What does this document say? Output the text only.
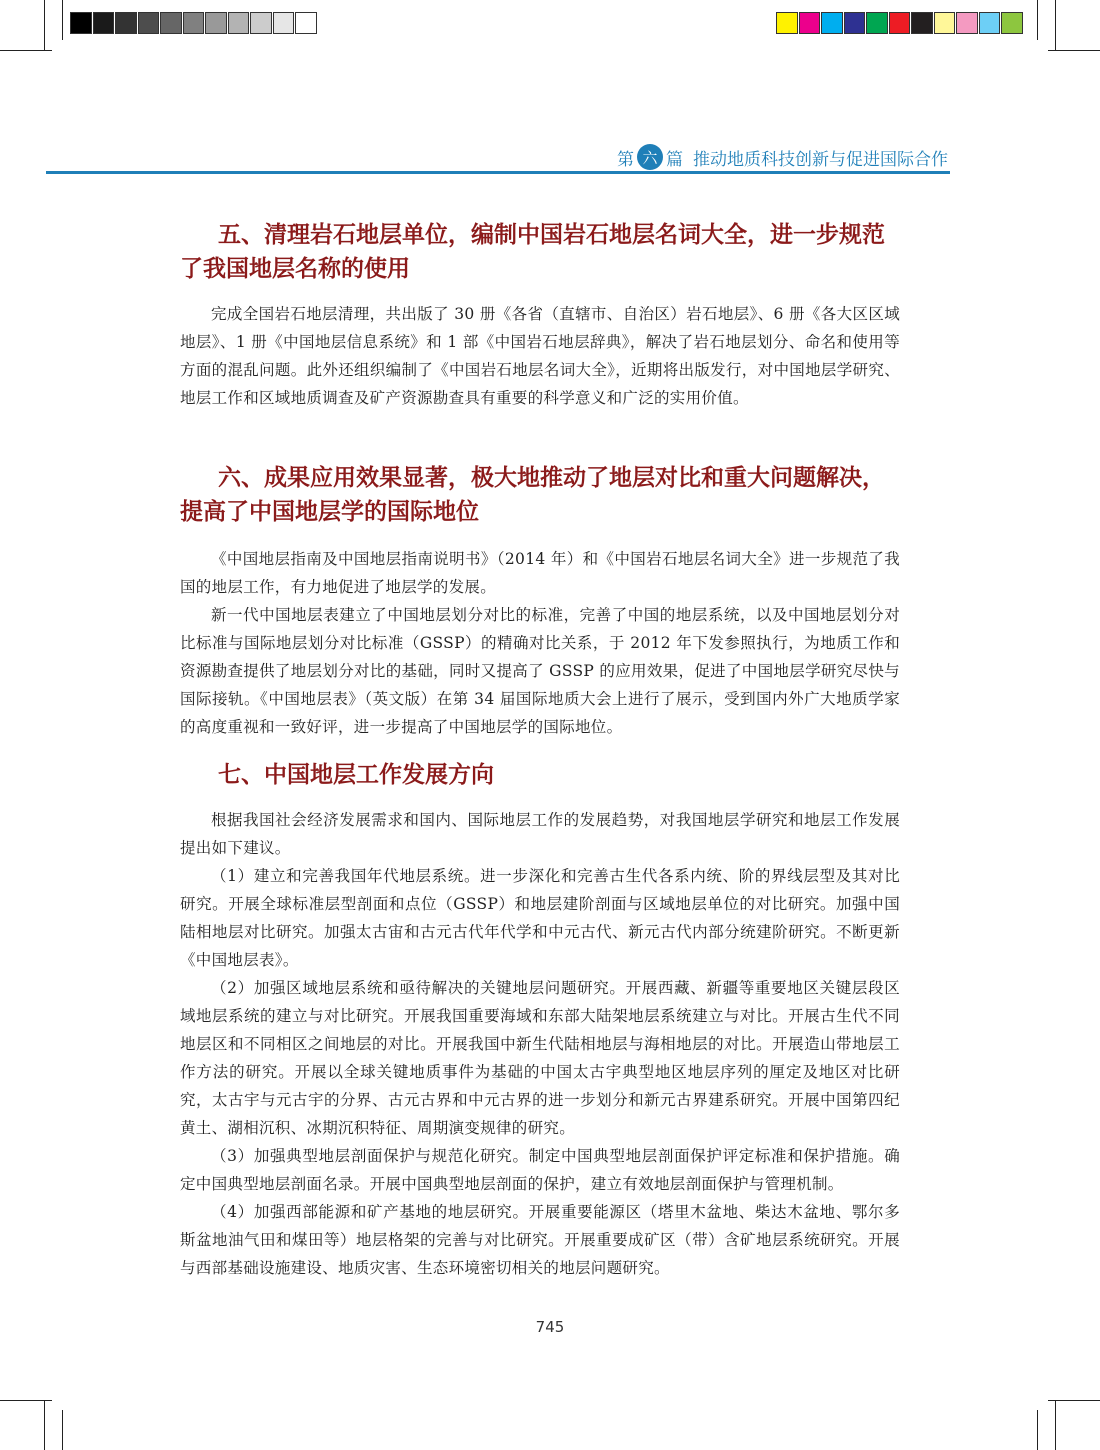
第 六 篇 推动地质科技创新与促进国际合作
五、清理岩石地层单位，编制中国岩石地层名词大全，进一步规范
了我国地层名称的使用

完成全国岩石地层清理，共出版了 30 册《各省（直辖市、自治区）岩石地层》、6 册《各大区区域地层》、1 册《中国地层信息系统》和 1 部《中国岩石地层辞典》，解决了岩石地层划分、命名和使用等方面的混乱问题。此外还组织编制了《中国岩石地层名词大全》，近期将出版发行，对中国地层学研究、地层工作和区域地质调查及矿产资源勘查具有重要的科学意义和广泛的实用价值。

六、成果应用效果显著，极大地推动了地层对比和重大问题解决，
提高了中国地层学的国际地位

《中国地层指南及中国地层指南说明书》（2014 年）和《中国岩石地层名词大全》进一步规范了我国的地层工作，有力地促进了地层学的发展。

新一代中国地层表建立了中国地层划分对比的标准，完善了中国的地层系统，以及中国地层划分对比标准与国际地层划分对比标准（GSSP）的精确对比关系，于 2012 年下发参照执行，为地质工作和资源勘查提供了地层划分对比的基础，同时又提高了 GSSP 的应用效果，促进了中国地层学研究尽快与国际接轨。《中国地层表》（英文版）在第 34 届国际地质大会上进行了展示，受到国内外广大地质学家的高度重视和一致好评，进一步提高了中国地层学的国际地位。

七、中国地层工作发展方向

根据我国社会经济发展需求和国内、国际地层工作的发展趋势，对我国地层学研究和地层工作发展提出如下建议。

（1）建立和完善我国年代地层系统。进一步深化和完善古生代各系内统、阶的界线层型及其对比研究。开展全球标准层型剖面和点位（GSSP）和地层建阶剖面与区域地层单位的对比研究。加强中国陆相地层对比研究。加强太古宙和古元古代年代学和中元古代、新元古代内部分统建阶研究。不断更新《中国地层表》。

（2）加强区域地层系统和亟待解决的关键地层问题研究。开展西藏、新疆等重要地区关键层段区域地层系统的建立与对比研究。开展我国重要海域和东部大陆架地层系统建立与对比。开展古生代不同地层区和不同相区之间地层的对比。开展我国中新生代陆相地层与海相地层的对比。开展造山带地层工作方法的研究。开展以全球关键地质事件为基础的中国太古宇典型地区地层序列的厘定及地区对比研究，太古宇与元古宇的分界、古元古界和中元古界的进一步划分和新元古界建系研究。开展中国第四纪黄土、湖相沉积、冰期沉积特征、周期演变规律的研究。

（3）加强典型地层剖面保护与规范化研究。制定中国典型地层剖面保护评定标准和保护措施。确定中国典型地层剖面名录。开展中国典型地层剖面的保护，建立有效地层剖面保护与管理机制。

（4）加强西部能源和矿产基地的地层研究。开展重要能源区（塔里木盆地、柴达木盆地、鄂尔多斯盆地油气田和煤田等）地层格架的完善与对比研究。开展重要成矿区（带）含矿地层系统研究。开展与西部基础设施建设、地质灾害、生态环境密切相关的地层问题研究。

745
